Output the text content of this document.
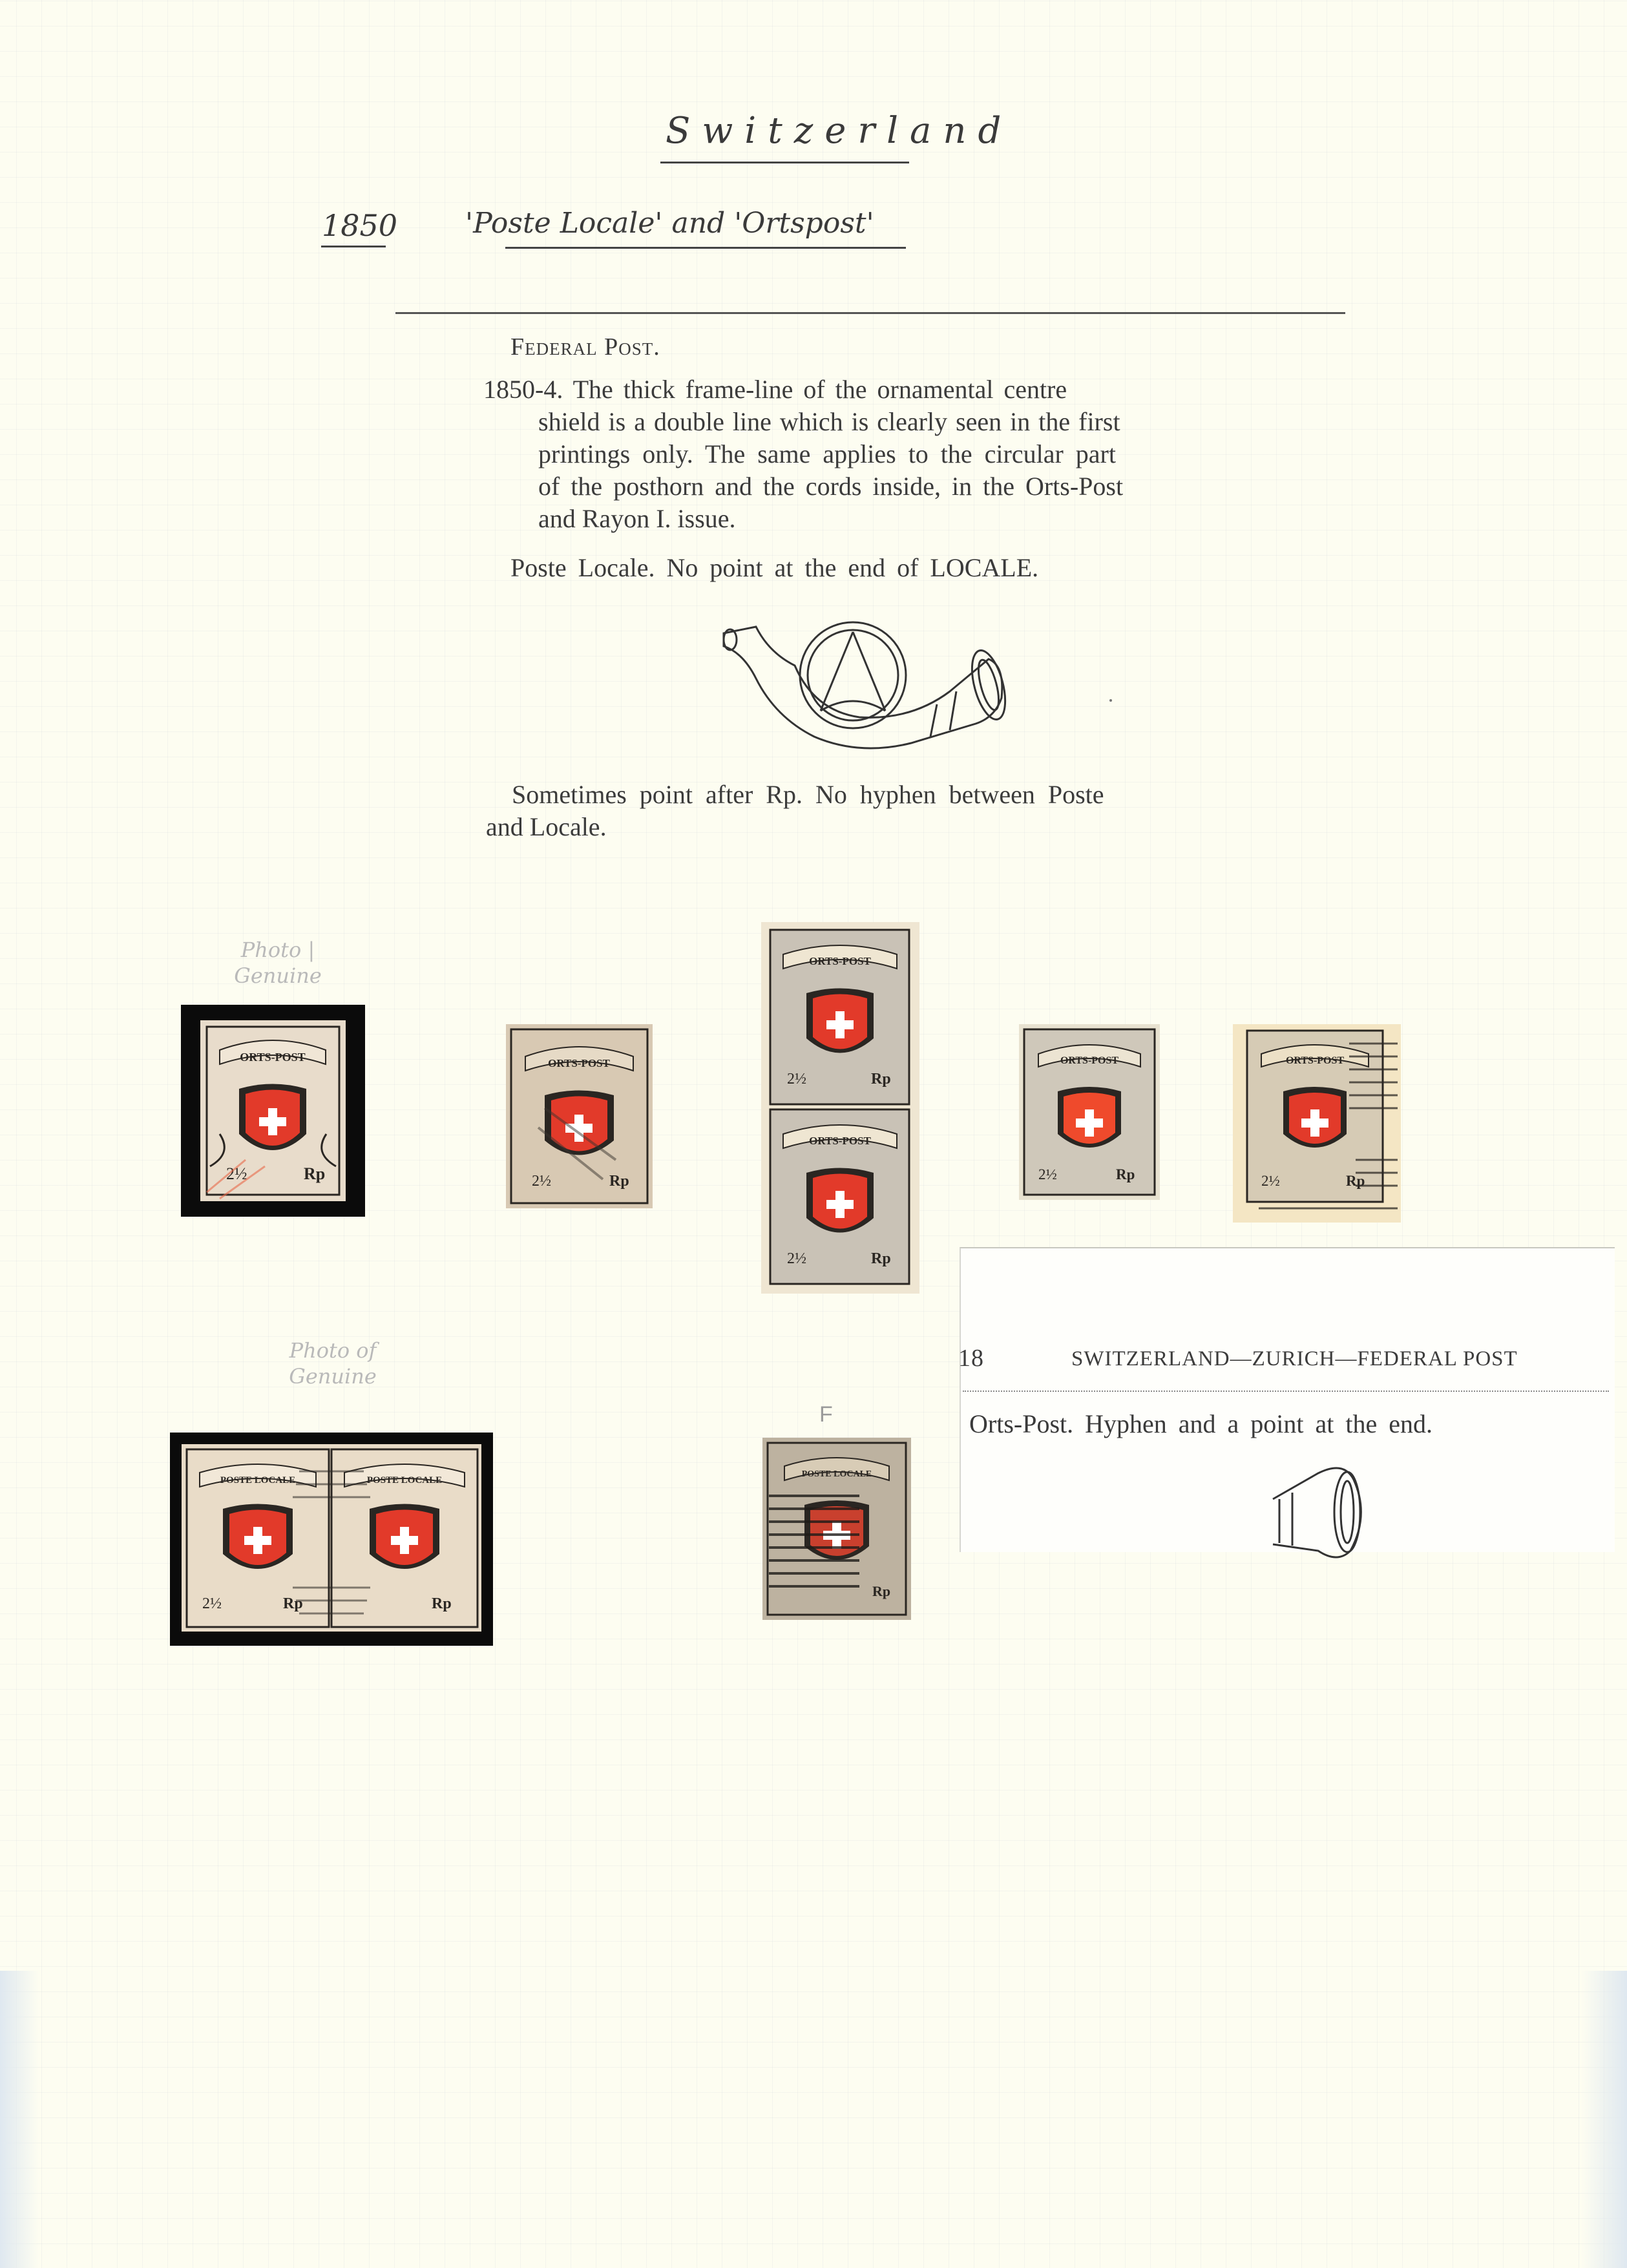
Switzerland
1850 'Poste Locale' and 'Ortspost'
Federal Post.
1850-4. The thick frame-line of the ornamental centre
shield is a double line which is clearly seen in the first
printings only. The same applies to the circular part
of the posthorn and the cords inside, in the Orts-Post
and Rayon I. issue.
Poste Locale. No point at the end of LOCALE.
Sometimes point after Rp. No hyphen between Poste
and Locale.
Photo | Genuine
Photo of Genuine
F
ORTS-POST
2½	Rp
ORTS-POST
2½	Rp
ORTS-POST
2½	Rp
ORTS-POST
2½	Rp
ORTS-POST
2½	Rp
ORTS-POST
2½	Rp
POSTE LOCALE
2½	Rp
POSTE LOCALE
Rp
POSTE LOCALE
Rp
18	SWITZERLAND—ZURICH—FEDERAL POST
Orts-Post. Hyphen and a point at the end.
